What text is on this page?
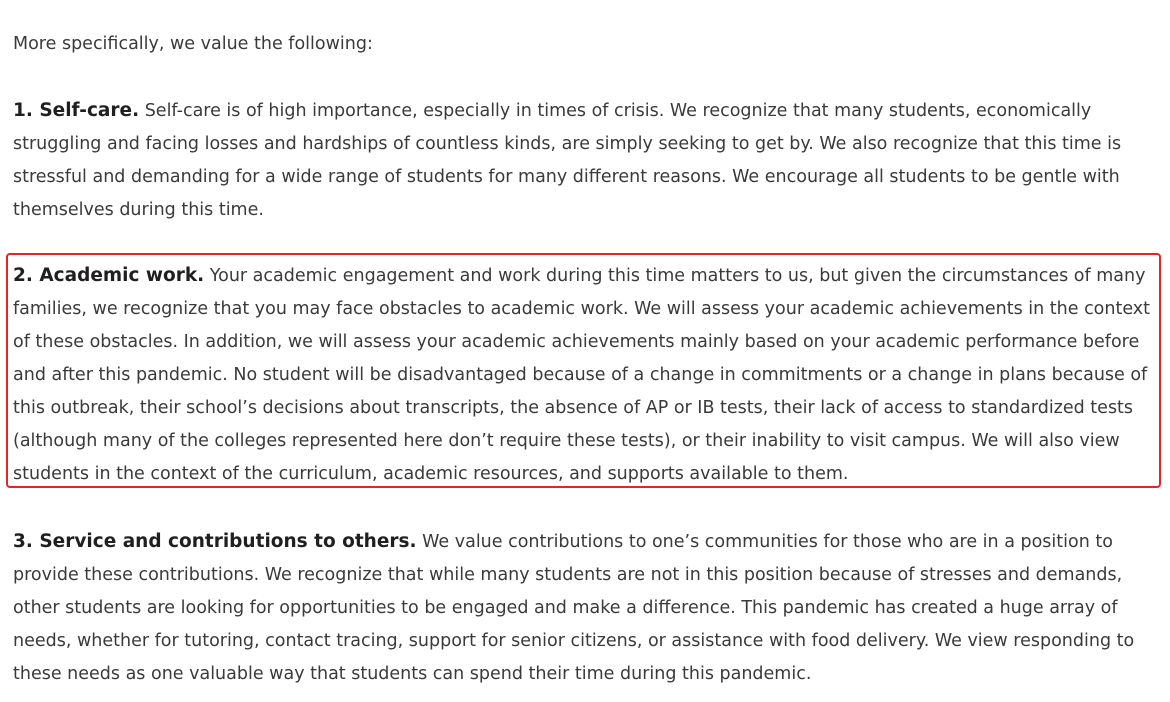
More specifically, we value the following:

1. Self-care. Self-care is of high importance, especially in times of crisis. We recognize that many students, economically struggling and facing losses and hardships of countless kinds, are simply seeking to get by. We also recognize that this time is stressful and demanding for a wide range of students for many different reasons. We encourage all students to be gentle with themselves during this time.

2. Academic work. Your academic engagement and work during this time matters to us, but given the circumstances of many families, we recognize that you may face obstacles to academic work. We will assess your academic achievements in the context of these obstacles. In addition, we will assess your academic achievements mainly based on your academic performance before and after this pandemic. No student will be disadvantaged because of a change in commitments or a change in plans because of this outbreak, their school’s decisions about transcripts, the absence of AP or IB tests, their lack of access to standardized tests (although many of the colleges represented here don’t require these tests), or their inability to visit campus. We will also view students in the context of the curriculum, academic resources, and supports available to them.

3. Service and contributions to others. We value contributions to one’s communities for those who are in a position to provide these contributions. We recognize that while many students are not in this position because of stresses and demands, other students are looking for opportunities to be engaged and make a difference. This pandemic has created a huge array of needs, whether for tutoring, contact tracing, support for senior citizens, or assistance with food delivery. We view responding to these needs as one valuable way that students can spend their time during this pandemic.
